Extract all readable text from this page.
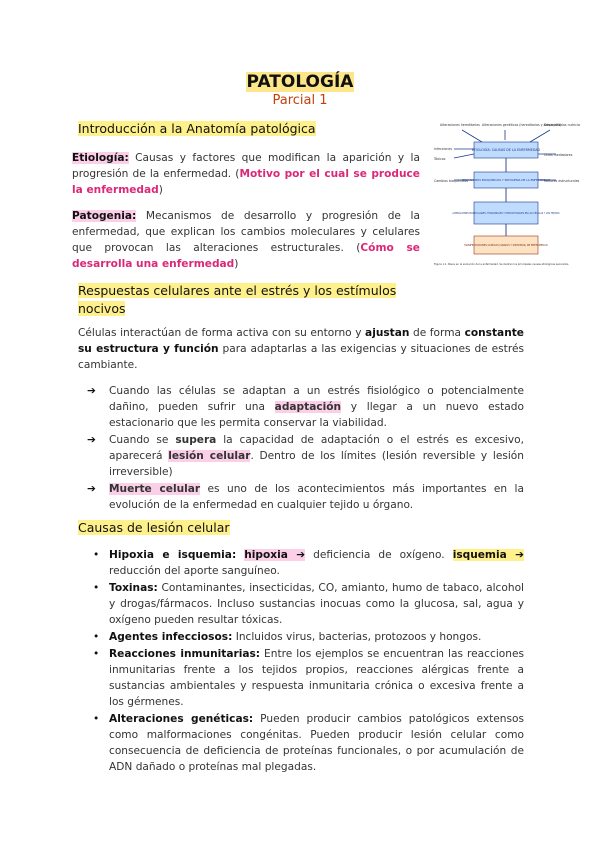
PATOLOGÍA
Parcial 1
Introducción a la Anatomía patológica
Etiología: Causas y factores que modifican la aparición y la progresión de la enfermedad. (Motivo por el cual se produce la enfermedad)
Patogenia: Mecanismos de desarrollo y progresión de la enfermedad, que explican los cambios moleculares y celulares que provocan las alteraciones estructurales. (Cómo se desarrolla una enfermedad)
Alteraciones hereditarias Alteraciones genéticas (hereditarias y adquiridas)
Desequilibrios nutricio
Infecciones
Tóxicos
Cambios bioquímicos
Otros mediadores
Factores estructurales
ETIOLOGÍA: CAUSAS DE LA ENFERMEDAD
MECANISMOS BIOQUÍMICOS Y PATOGENIA DE LA ENFERMEDAD
ALTERACIONES MOLECULARES, FUNCIONALES Y ESTRUCTURALES EN LAS CÉLULAS Y LOS TEJIDOS
MANIFESTACIONES CLÍNICAS (SIGNOS Y SÍNTOMAS) DE ENFERMEDAD
Figura 1.1. Pasos en la evolución de la enfermedad. Se ilustran los principales causas etiológicas asociados.
Respuestas celulares ante el estrés y los estímulos nocivos
Células interactúan de forma activa con su entorno y ajustan de forma constante su estructura y función para adaptarlas a las exigencias y situaciones de estrés cambiante.
➔ Cuando las células se adaptan a un estrés fisiológico o potencialmente dañino, pueden sufrir una adaptación y llegar a un nuevo estado estacionario que les permita conservar la viabilidad.
➔ Cuando se supera la capacidad de adaptación o el estrés es excesivo, aparecerá lesión celular. Dentro de los límites (lesión reversible y lesión irreversible)
➔ Muerte celular es uno de los acontecimientos más importantes en la evolución de la enfermedad en cualquier tejido u órgano.
Causas de lesión celular
• Hipoxia e isquemia: hipoxia ➔ deficiencia de oxígeno. isquemia ➔ reducción del aporte sanguíneo.
• Toxinas: Contaminantes, insecticidas, CO, amianto, humo de tabaco, alcohol y drogas/fármacos. Incluso sustancias inocuas como la glucosa, sal, agua y oxígeno pueden resultar tóxicas.
• Agentes infecciosos: Incluidos virus, bacterias, protozoos y hongos.
• Reacciones inmunitarias: Entre los ejemplos se encuentran las reacciones inmunitarias frente a los tejidos propios, reacciones alérgicas frente a sustancias ambientales y respuesta inmunitaria crónica o excesiva frente a los gérmenes.
• Alteraciones genéticas: Pueden producir cambios patológicos extensos como malformaciones congénitas. Pueden producir lesión celular como consecuencia de deficiencia de proteínas funcionales, o por acumulación de ADN dañado o proteínas mal plegadas.
